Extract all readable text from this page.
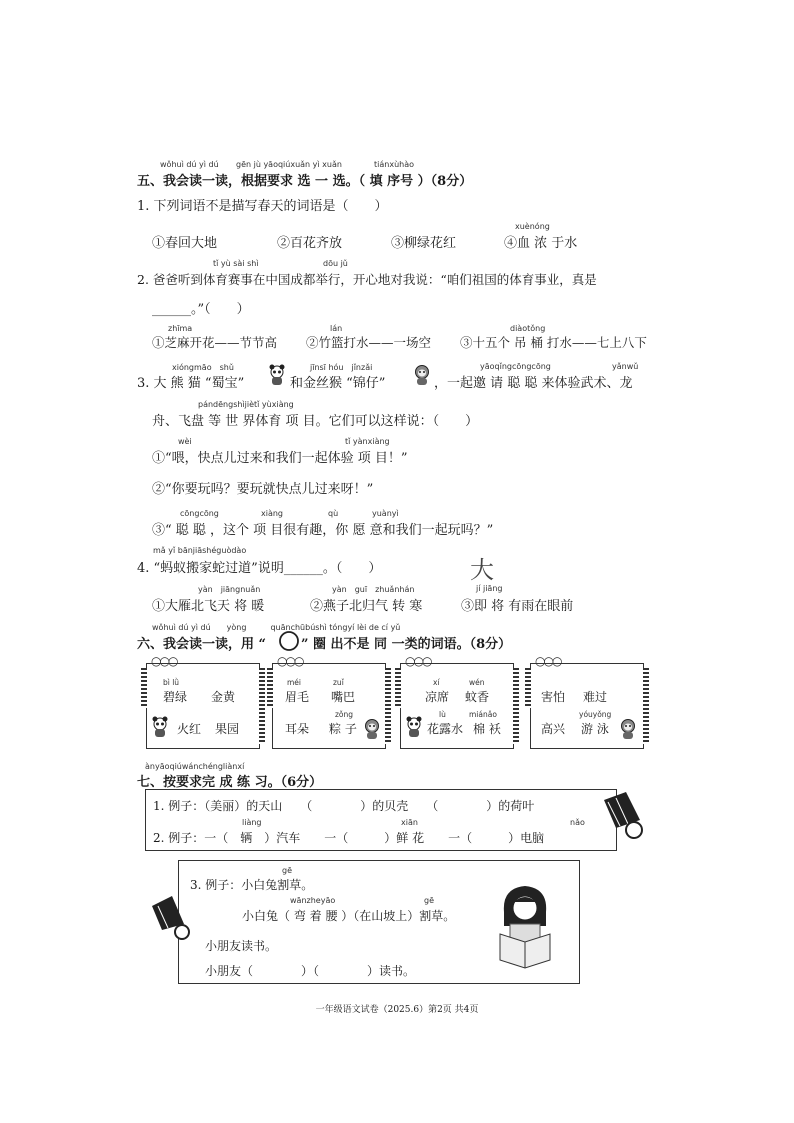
wǒhuì dú yì dú gēn jù yāoqiúxuǎn yì xuǎn	tiánxùhào
五、我会读一读，根据要求 选 一 选。（ 填 序号 ）（8分）
1. 下列词语不是描写春天的词语是（　　）
xuènóng
①春回大地	②百花齐放	③柳绿花红	④血 浓 于水
tǐ yù sài shì	dōu jǔ
2. 爸爸听到体育赛事在中国成都举行，开心地对我说：“咱们祖国的体育事业，真是
______。”（　　）
zhīma	lán	diàotǒng
①芝麻开花——节节高 ②竹篮打水——一场空 ③十五个 吊 桶 打水——七上八下
xióngmāo　shǔ	jīnsī hóu　jǐnzǎi	yāoqǐngcōngcōng	yǎnwǔ
3. 大 熊 猫 “蜀宝”	和金丝猴 “锦仔”	，一起邀 请 聪 聪 来体验武术、龙
pándēngshìjiètǐ yùxiàng
舟、飞盘 等 世 界体育 项 目。它们可以这样说：（　　）
wèi	tǐ yànxiàng
①“喂，快点儿过来和我们一起体验 项 目！”
②“你要玩吗？要玩就快点儿过来呀！”
cōngcōng	xiàng	qù	yuànyì
③“ 聪 聪 ，这个 项 目很有趣，你 愿 意和我们一起玩吗？”
mǎ yǐ bānjiāshéguòdào
4. “蚂蚁搬家蛇过道”说明______。（　　）	大
yàn　jiāngnuǎn	yàn　guī　zhuǎnhán	jí jiāng
①大雁北飞天 将 暖	②燕子北归气 转 寒	③即 将 有雨在眼前
wǒhuì dú yì dú　　yòng　　　quānchūbúshì tóngyí lèi de cí yǔ
六、我会读一读，用 “	” 圈 出不是 同 一类的词语。（8分）
○○○
bì lǜ
碧绿 金黄
火红 果园
○○○
méi	zuǐ
眉毛 嘴巴
zǒng
耳朵 粽 子
○○○
xí	wén
凉席 蚊香
lù	miánǎo
花露水 棉 袄
○○○
害怕 难过
yóuyǒng
高兴 游 泳
ànyāoqiúwánchéngliànxí
七、按要求完 成 练 习。（6分）
1. 例子：（美丽）的天山　　（　　　　）的贝壳　　（　　　　）的荷叶
liàng	xiān	nǎo
2. 例子：一（　辆　）汽车　　一（　　　）鲜 花　　一（　　　）电脑
gē
3. 例子：小白兔割草。
wānzheyāo	gē
小白兔（ 弯 着 腰 ）（在山坡上）割草。
小朋友读书。
小朋友（　　　　）（　　　　）读书。
一年级语文试卷（2025.6）第2页 共4页
